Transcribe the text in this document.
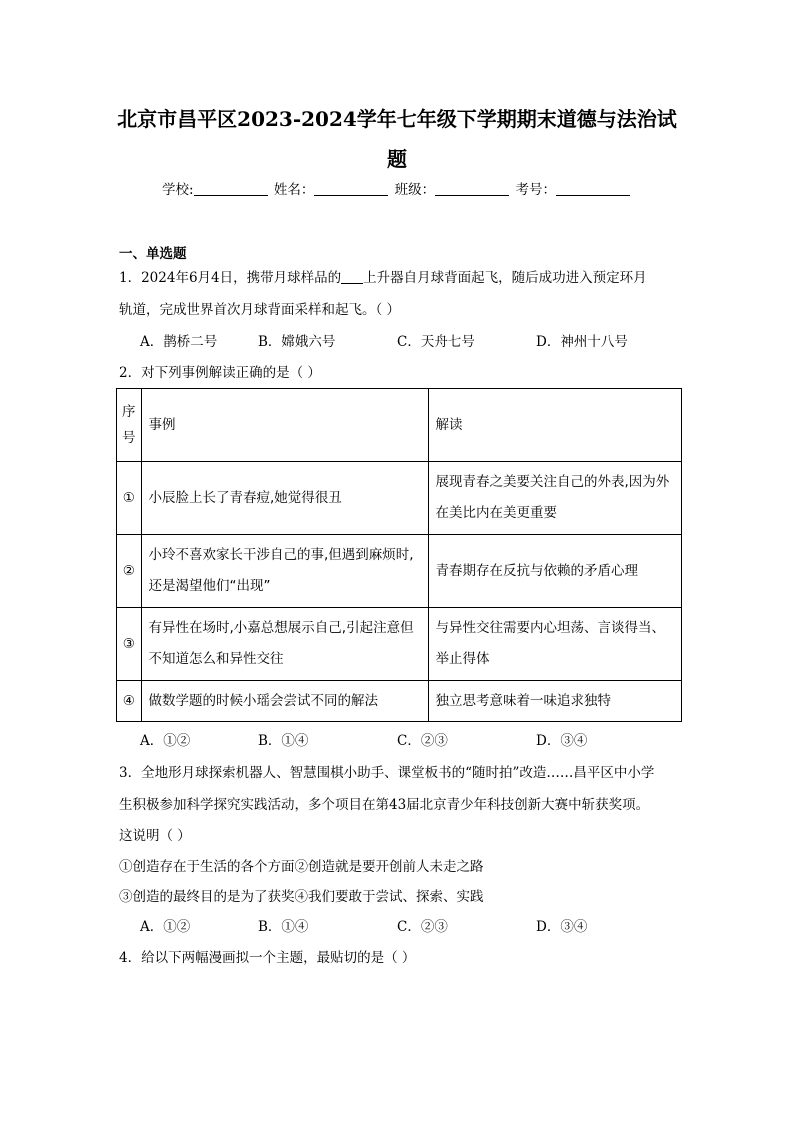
北京市昌平区2023-2024学年七年级下学期期末道德与法治试
题
学校:	姓名：	班级：	考号：
一、单选题
1．2024年6月4日，携带月球样品的 上升器自月球背面起飞，随后成功进入预定环月
轨道，完成世界首次月球背面采样和起飞。（ ）
A．鹊桥二号	B．嫦娥六号	C．天舟七号	D．神州十八号
2．对下列事例解读正确的是（ ）
序号	事例	解读
①	小辰脸上长了青春痘,她觉得很丑	展现青春之美要关注自己的外表,因为外在美比内在美更重要
②	小玲不喜欢家长干涉自己的事,但遇到麻烦时,还是渴望他们“出现”	青春期存在反抗与依赖的矛盾心理
③	有异性在场时,小嘉总想展示自己,引起注意但不知道怎么和异性交往	与异性交往需要内心坦荡、言谈得当、举止得体
④	做数学题的时候小瑶会尝试不同的解法	独立思考意味着一味追求独特
A．①②	B．①④	C．②③	D．③④
3．全地形月球探索机器人、智慧围棋小助手、课堂板书的“随时拍”改造……昌平区中小学
生积极参加科学探究实践活动，多个项目在第43届北京青少年科技创新大赛中斩获奖项。
这说明（ ）
①创造存在于生活的各个方面②创造就是要开创前人未走之路
③创造的最终目的是为了获奖④我们要敢于尝试、探索、实践
A．①②	B．①④	C．②③	D．③④
4．给以下两幅漫画拟一个主题，最贴切的是（ ）
